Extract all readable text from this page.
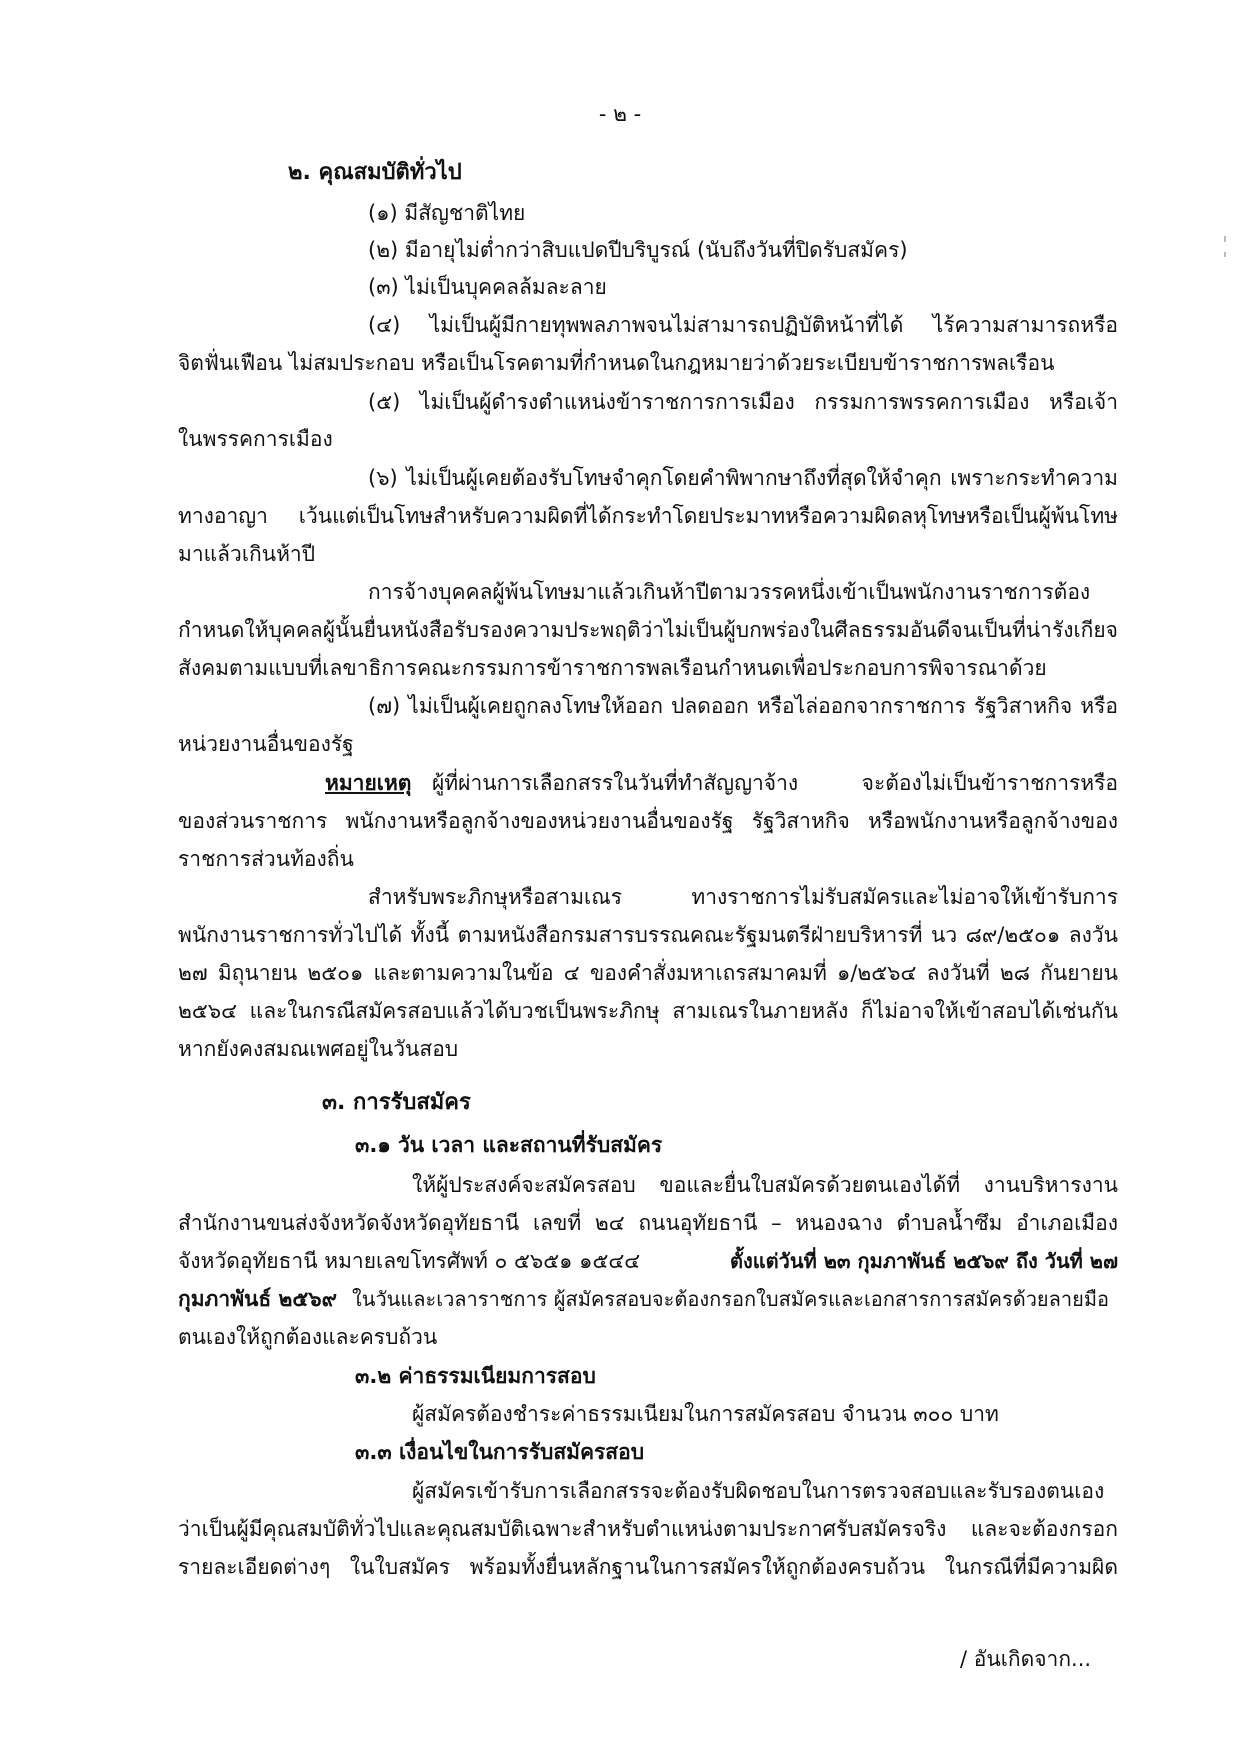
- ๒ -
๒. คุณสมบัติทั่วไป
(๑) มีสัญชาติไทย
(๒) มีอายุไม่ต่ำกว่าสิบแปดปีบริบูรณ์ (นับถึงวันที่ปิดรับสมัคร)
(๓) ไม่เป็นบุคคลล้มละลาย
(๔) ไม่เป็นผู้มีกายทุพพลภาพจนไม่สามารถปฏิบัติหน้าที่ได้ ไร้ความสามารถหรือ
จิตฟั่นเฟือน ไม่สมประกอบ หรือเป็นโรคตามที่กำหนดในกฎหมายว่าด้วยระเบียบข้าราชการพลเรือน
(๕) ไม่เป็นผู้ดำรงตำแหน่งข้าราชการการเมือง กรรมการพรรคการเมือง หรือเจ้า
ในพรรคการเมือง
(๖) ไม่เป็นผู้เคยต้องรับโทษจำคุกโดยคำพิพากษาถึงที่สุดให้จำคุก เพราะกระทำความ
ทางอาญา เว้นแต่เป็นโทษสำหรับความผิดที่ได้กระทำโดยประมาทหรือความผิดลหุโทษหรือเป็นผู้พ้นโทษ
มาแล้วเกินห้าปี
การจ้างบุคคลผู้พ้นโทษมาแล้วเกินห้าปีตามวรรคหนึ่งเข้าเป็นพนักงานราชการต้อง
กำหนดให้บุคคลผู้นั้นยื่นหนังสือรับรองความประพฤติว่าไม่เป็นผู้บกพร่องในศีลธรรมอันดีจนเป็นที่น่ารังเกียจ
สังคมตามแบบที่เลขาธิการคณะกรรมการข้าราชการพลเรือนกำหนดเพื่อประกอบการพิจารณาด้วย
(๗) ไม่เป็นผู้เคยถูกลงโทษให้ออก ปลดออก หรือไล่ออกจากราชการ รัฐวิสาหกิจ หรือ
หน่วยงานอื่นของรัฐ
หมายเหตุ ผู้ที่ผ่านการเลือกสรรในวันที่ทำสัญญาจ้าง จะต้องไม่เป็นข้าราชการหรือ
ของส่วนราชการ พนักงานหรือลูกจ้างของหน่วยงานอื่นของรัฐ รัฐวิสาหกิจ หรือพนักงานหรือลูกจ้างของ
ราชการส่วนท้องถิ่น
สำหรับพระภิกษุหรือสามเณร ทางราชการไม่รับสมัครและไม่อาจให้เข้ารับการ
พนักงานราชการทั่วไปได้ ทั้งนี้ ตามหนังสือกรมสารบรรณคณะรัฐมนตรีฝ่ายบริหารที่ นว ๘๙/๒๕๐๑ ลงวัน
๒๗ มิถุนายน ๒๕๐๑ และตามความในข้อ ๔ ของคำสั่งมหาเถรสมาคมที่ ๑/๒๕๖๔ ลงวันที่ ๒๘ กันยายน
๒๕๖๔ และในกรณีสมัครสอบแล้วได้บวชเป็นพระภิกษุ สามเณรในภายหลัง ก็ไม่อาจให้เข้าสอบได้เช่นกัน
หากยังคงสมณเพศอยู่ในวันสอบ
๓. การรับสมัคร
๓.๑ วัน เวลา และสถานที่รับสมัคร
ให้ผู้ประสงค์จะสมัครสอบ ขอและยื่นใบสมัครด้วยตนเองได้ที่ งานบริหารงาน
สำนักงานขนส่งจังหวัดจังหวัดอุทัยธานี เลขที่ ๒๔ ถนนอุทัยธานี – หนองฉาง ตำบลน้ำซึม อำเภอเมือง
จังหวัดอุทัยธานี หมายเลขโทรศัพท์ ๐ ๕๖๕๑ ๑๕๔๔	ตั้งแต่วันที่ ๒๓ กุมภาพันธ์ ๒๕๖๙ ถึง วันที่ ๒๗
กุมภาพันธ์ ๒๕๖๙ ในวันและเวลาราชการ ผู้สมัครสอบจะต้องกรอกใบสมัครและเอกสารการสมัครด้วยลายมือ
ตนเองให้ถูกต้องและครบถ้วน
๓.๒ ค่าธรรมเนียมการสอบ
ผู้สมัครต้องชำระค่าธรรมเนียมในการสมัครสอบ จำนวน ๓๐๐ บาท
๓.๓ เงื่อนไขในการรับสมัครสอบ
ผู้สมัครเข้ารับการเลือกสรรจะต้องรับผิดชอบในการตรวจสอบและรับรองตนเอง
ว่าเป็นผู้มีคุณสมบัติทั่วไปและคุณสมบัติเฉพาะสำหรับตำแหน่งตามประกาศรับสมัครจริง และจะต้องกรอก
รายละเอียดต่างๆ ในใบสมัคร พร้อมทั้งยื่นหลักฐานในการสมัครให้ถูกต้องครบถ้วน ในกรณีที่มีความผิด
/ อันเกิดจาก...
